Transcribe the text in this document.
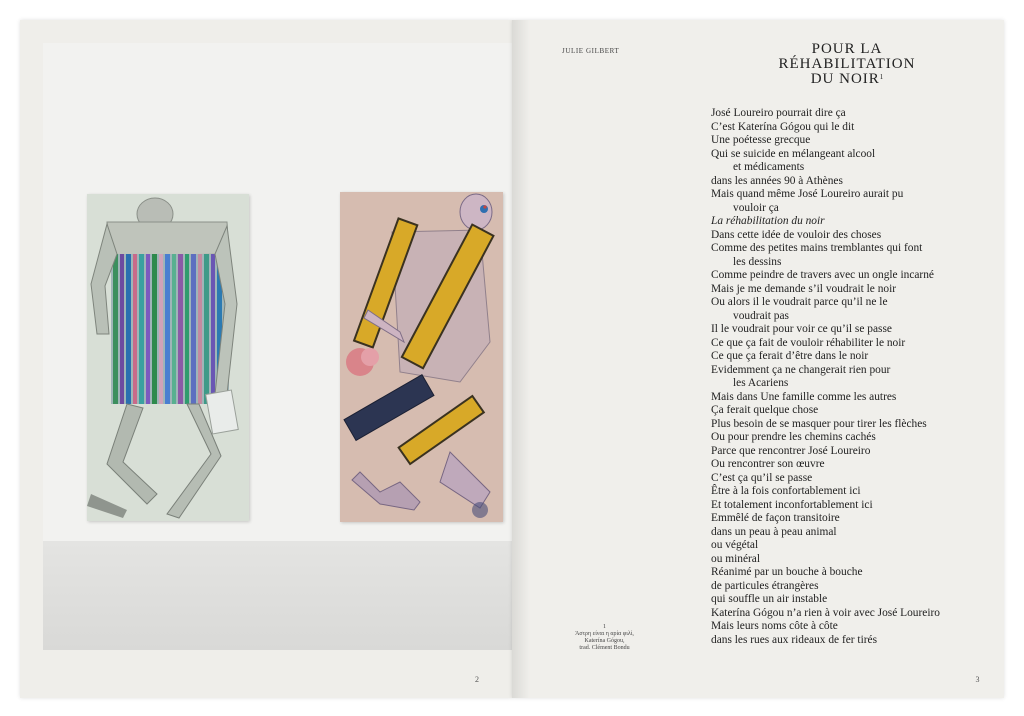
2
JULIE GILBERT	POUR LA
RÉHABILITATION
DU NOIR$^1$
José Loureiro pourrait dire ça
C’est Katerína Gógou qui le dit
Une poétesse grecque
Qui se suicide en mélangeant alcool
et médicaments
dans les années 90 à Athènes
Mais quand même José Loureiro aurait pu
vouloir ça
La réhabilitation du noir
Dans cette idée de vouloir des choses
Comme des petites mains tremblantes qui font
les dessins
Comme peindre de travers avec un ongle incarné
Mais je me demande s’il voudrait le noir
Ou alors il le voudrait parce qu’il ne le
voudrait pas
Il le voudrait pour voir ce qu’il se passe
Ce que ça fait de vouloir réhabiliter le noir
Ce que ça ferait d’être dans le noir
Evidemment ça ne changerait rien pour
les Acariens
Mais dans Une famille comme les autres
Ça ferait quelque chose
Plus besoin de se masquer pour tirer les flèches
Ou pour prendre les chemins cachés
Parce que rencontrer José Loureiro
Ou rencontrer son œuvre
C’est ça qu’il se passe
Être à la fois confortablement ici
Et totalement inconfortablement ici
Emmêlé de façon transitoire
dans un peau à peau animal
ou végétal
ou minéral
Réanimé par un bouche à bouche
de particules étrangères
qui souffle un air instable
Katerína Gógou n’a rien à voir avec José Loureiro
Mais leurs noms côte à côte
dans les rues aux rideaux de fer tirés
1
Άστρη είναι η αρία φιλί,
Katerína Gógou,
trad. Clément Bondu
3
